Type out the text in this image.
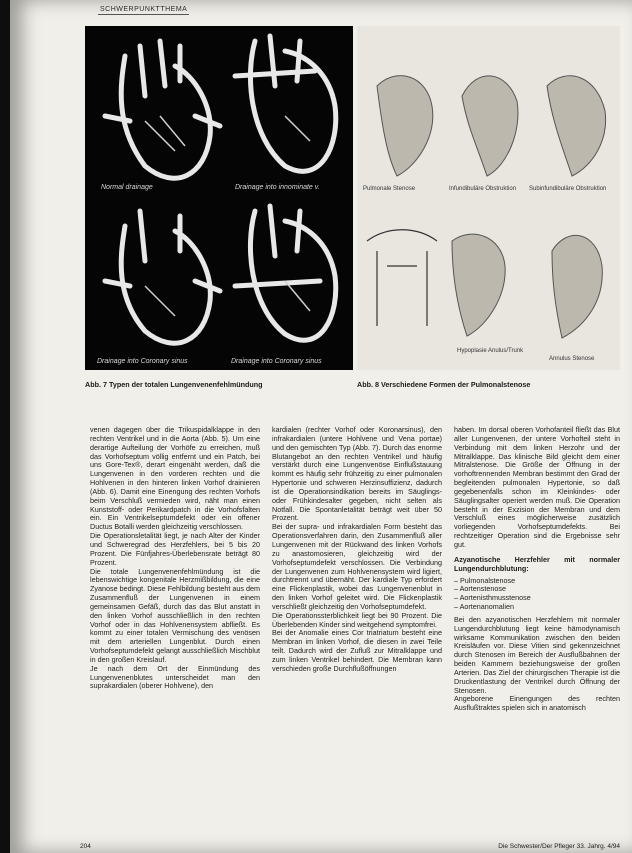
SCHWERPUNKTTHEMA
Normal drainage	Drainage into innominate v.
Drainage into Coronary sinus	Drainage into Coronary sinus
Pulmonale Stenose	Infundibuläre Obstruktion Subinfundibuläre Obstruktion
Hypoplasie Anulus/Trunk
Annulus Stenose
Abb. 7 Typen der totalen Lungenvenenfehlmündung	Abb. 8 Verschiedene Formen der Pulmonalstenose

venen dagegen über die Trikuspidalklappe in den rechten Ventrikel und in die Aorta (Abb. 5). Um eine derartige Aufteilung der Vorhöfe zu erreichen, muß das Vorhofseptum völlig entfernt und ein Patch, bei uns Gore-Tex®, derart eingenäht werden, daß die Lungenvenen in den vorderen rechten und die Hohlvenen in den hinteren linken Vorhof drainieren (Abb. 6). Damit eine Einengung des rechten Vorhofs beim Verschluß vermieden wird, näht man einen Kunststoff- oder Perikardpatch in die Vorhofsfalten ein. Ein Ventrikelseptumdefekt oder ein offener Ductus Botalli werden gleichzeitig verschlossen.

Die Operationsletalität liegt, je nach Alter der Kinder und Schweregrad des Herzfehlers, bei 5 bis 20 Prozent. Die Fünfjahres-Überlebensrate beträgt 80 Prozent.

Die totale Lungenvenenfehlmündung ist die lebenswichtige kongenitale Herzmißbildung, die eine Zyanose bedingt. Diese Fehlbildung besteht aus dem Zusammenfluß der Lungenvenen in einem gemeinsamen Gefäß, durch das das Blut anstatt in den linken Vorhof ausschließlich in den rechten Vorhof oder in das Hohlvenensystem abfließt. Es kommt zu einer totalen Vermischung des venösen mit dem arteriellen Lungenblut. Durch einen Vorhofseptumdefekt gelangt ausschließlich Mischblut in den großen Kreislauf.

Je nach dem Ort der Einmündung des Lungenvenenblutes unterscheidet man den suprakardialen (oberer Hohlvene), den

kardialen (rechter Vorhof oder Koronarsinus), den infrakardialen (untere Hohlvene und Vena portae) und den gemischten Typ (Abb. 7). Durch das enorme Blutangebot an den rechten Ventrikel und häufig verstärkt durch eine Lungenvenöse Einflußstauung kommt es häufig sehr frühzeitig zu einer pulmonalen Hypertonie und schweren Herzinsuffizienz, dadurch ist die Operationsindikation bereits im Säuglings- oder Frühkindesalter gegeben, nicht selten als Notfall. Die Spontanletalität beträgt weit über 50 Prozent.

Bei der supra- und infrakardialen Form besteht das Operationsverfahren darin, den Zusammenfluß aller Lungenvenen mit der Rückwand des linken Vorhofs zu anastomosieren, gleichzeitig wird der Vorhofseptumdefekt verschlossen. Die Verbindung der Lungenvenen zum Hohlvenensystem wird ligiert, durchtrennt und übernäht. Der kardiale Typ erfordert eine Flickenplastik, wobei das Lungenvenenblut in den linken Vorhof geleitet wird. Die Flickenplastik verschließt gleichzeitig den Vorhofseptumdefekt.

Die Operationssterblichkeit liegt bei 90 Prozent. Die Überlebenden Kinder sind weitgehend symptomfrei.

Bei der Anomalie eines Cor triatriatum besteht eine Membran im linken Vorhof, die diesen in zwei Teile teilt. Dadurch wird der Zufluß zur Mitralklappe und zum linken Ventrikel behindert. Die Membran kann verschieden große Durchflußöffnungen

haben. Im dorsal oberen Vorhofanteil fließt das Blut aller Lungenvenen, der untere Vorhofteil steht in Verbindung mit dem linken Herzohr und der Mitralklappe. Das klinische Bild gleicht dem einer Mitralstenose. Die Größe der Öffnung in der vorhoftrennenden Membran bestimmt den Grad der begleitenden pulmonalen Hypertonie, so daß gegebenenfalls schon im Kleinkindes- oder Säuglingsalter operiert werden muß. Die Operation besteht in der Exzision der Membran und dem Verschluß eines möglicherweise zusätzlich vorliegenden Vorhofseptumdefekts. Bei rechtzeitiger Operation sind die Ergebnisse sehr gut.

Azyanotische Herzfehler mit normaler Lungendurchblutung:

– Pulmonalstenose
– Aortenstenose
– Aortenisthmusstenose
– Aortenanomalien

Bei den azyanotischen Herzfehlern mit normaler Lungendurchblutung liegt keine hämodynamisch wirksame Kommunikation zwischen den beiden Kreisläufen vor. Diese Vitien sind gekennzeichnet durch Stenosen im Bereich der Ausflußbahnen der beiden Kammern beziehungsweise der großen Arterien. Das Ziel der chirurgischen Therapie ist die Druckentlastung der Ventrikel durch Öffnung der Stenosen.

Angeborene Einengungen des rechten Ausflußtraktes spielen sich in anatomisch

204	Die Schwester/Der Pfleger 33. Jahrg. 4/94
